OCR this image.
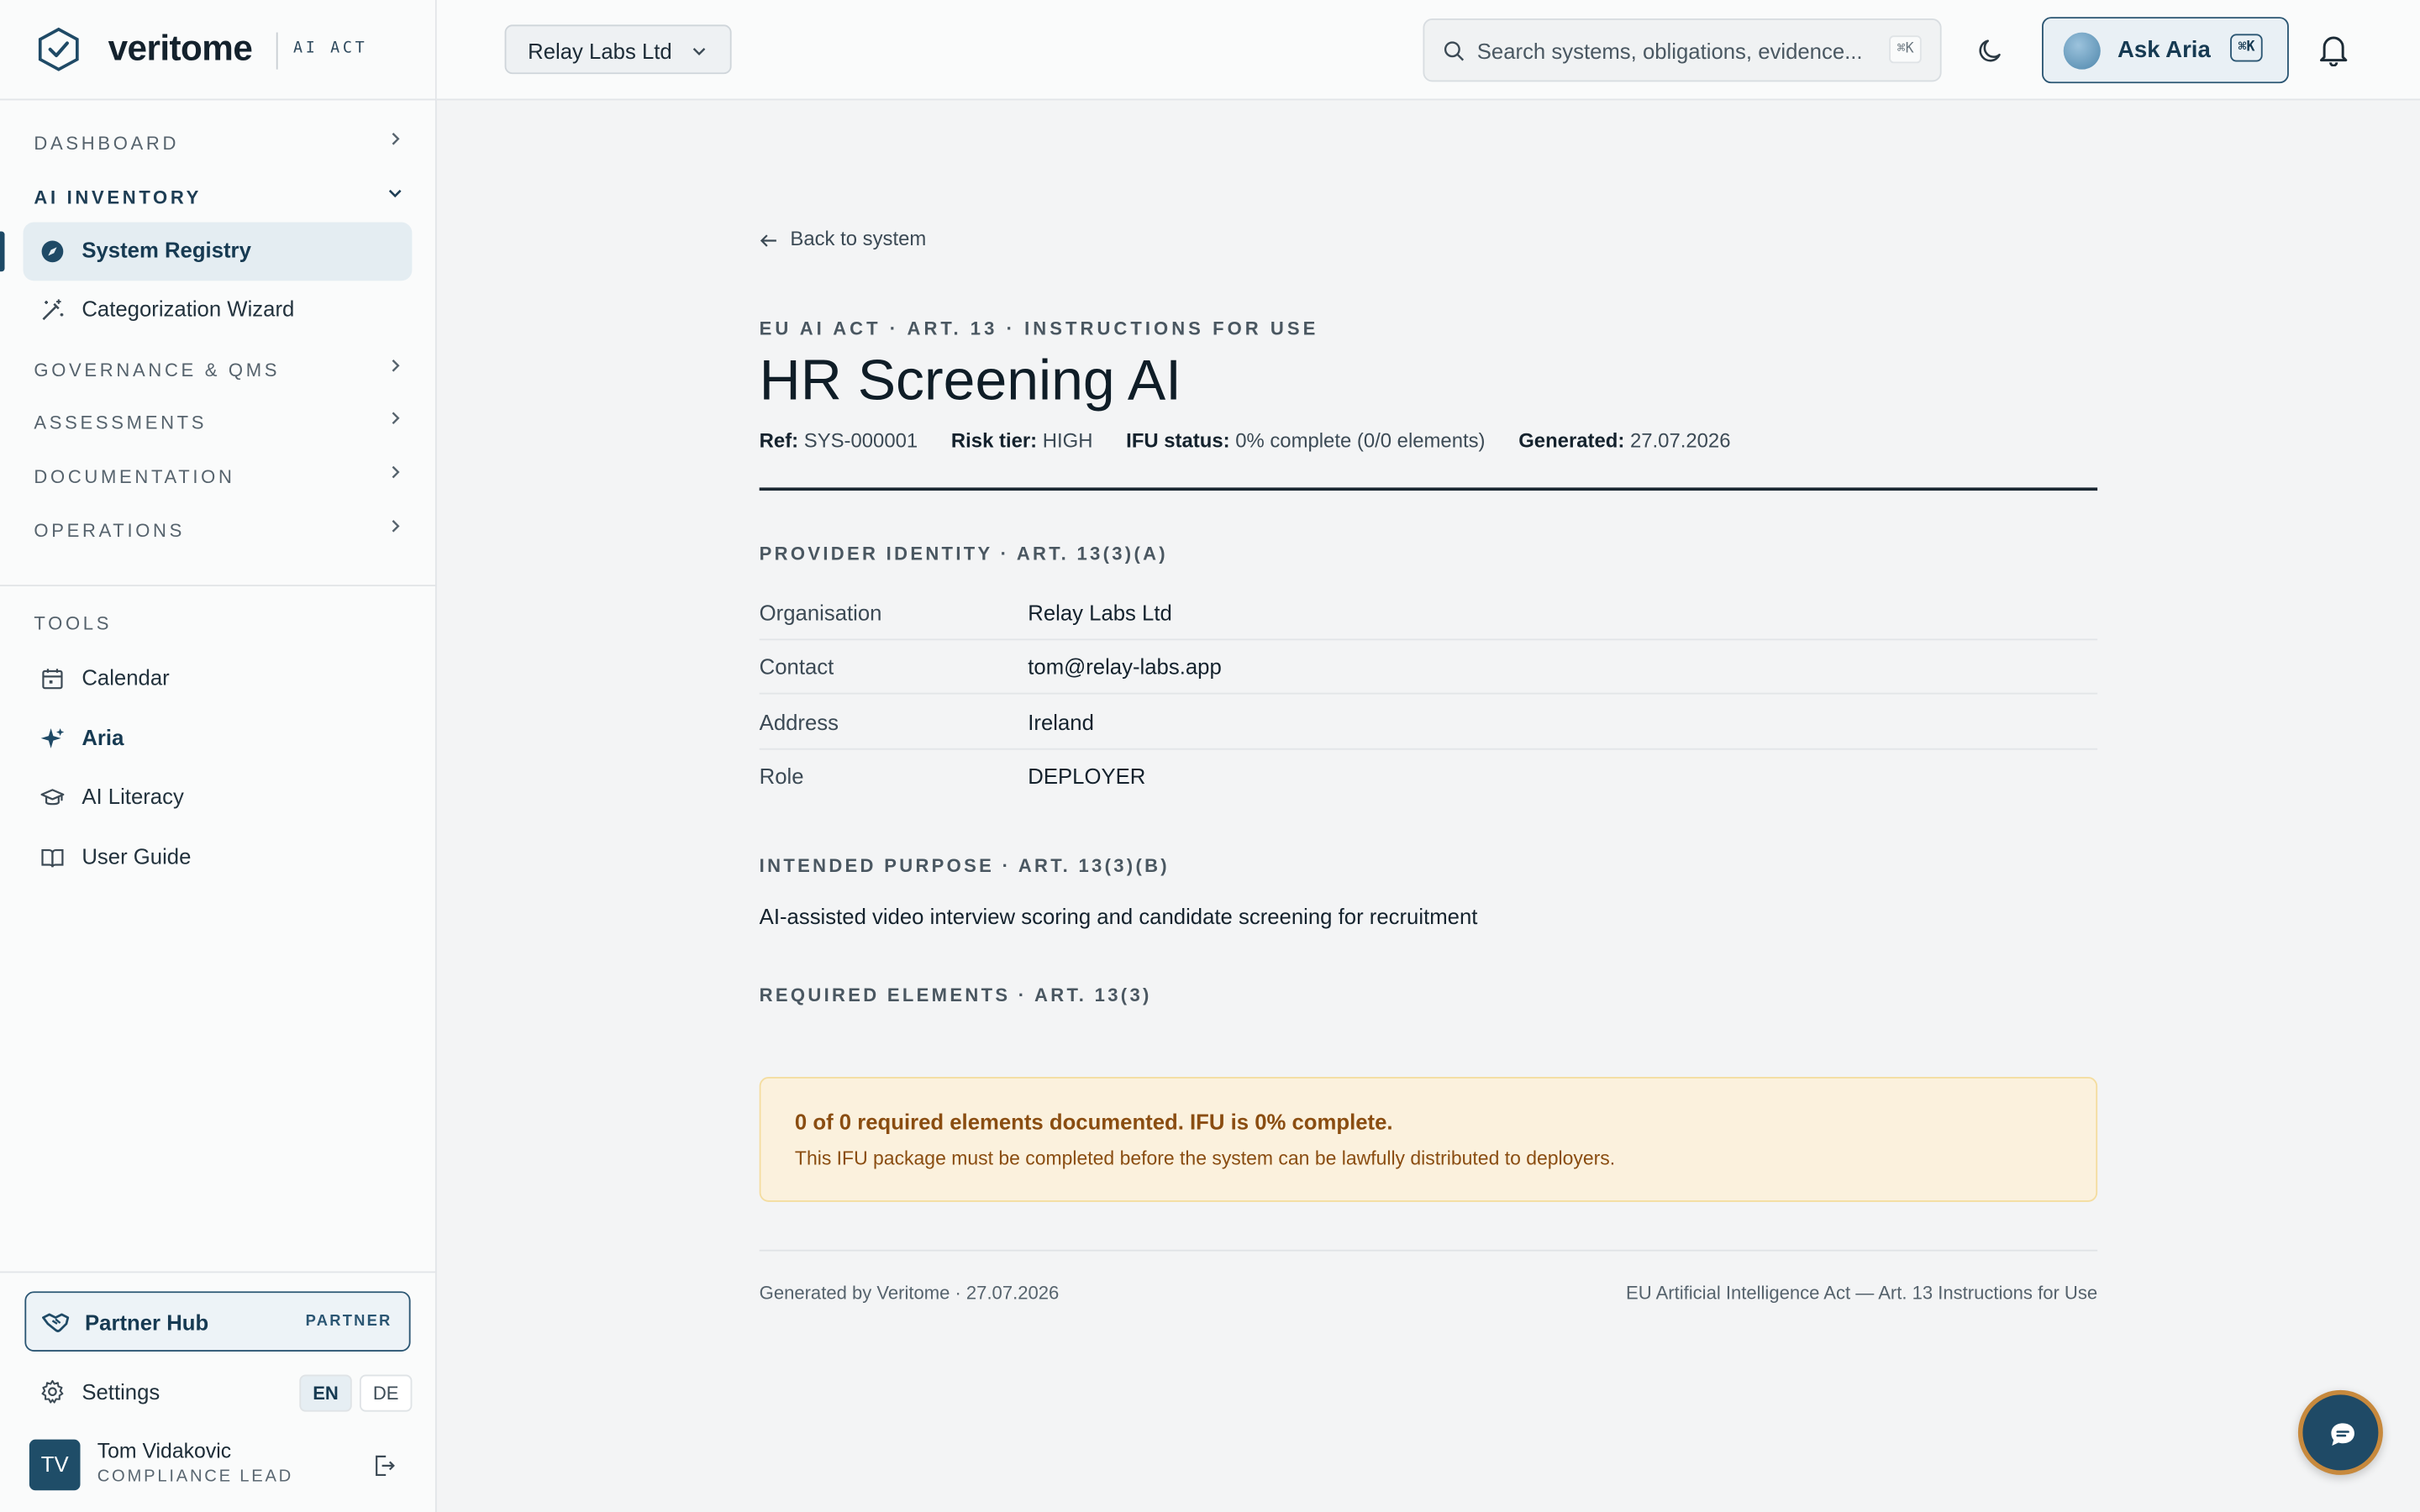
veritome	AI ACT
DASHBOARD
AI INVENTORY
System Registry
Categorization Wizard
GOVERNANCE & QMS
ASSESSMENTS
DOCUMENTATION
OPERATIONS
TOOLS
Calendar
Aria
AI Literacy
User Guide
Partner Hub	PARTNER
Settings	EN	DE
TV
Tom Vidakovic
COMPLIANCE LEAD
Relay Labs Ltd	Search systems, obligations, evidence...	⌘K	Ask Aria	⌘K
Back to system
EU AI ACT · ART. 13 · INSTRUCTIONS FOR USE
HR Screening AI
Ref: SYS-000001	Risk tier: HIGH	IFU status: 0% complete (0/0 elements)	Generated: 27.07.2026
PROVIDER IDENTITY · ART. 13(3)(A)
Organisation	Relay Labs Ltd
Contact	tom@relay-labs.app
Address	Ireland
Role	DEPLOYER
INTENDED PURPOSE · ART. 13(3)(B)
AI-assisted video interview scoring and candidate screening for recruitment
REQUIRED ELEMENTS · ART. 13(3)
0 of 0 required elements documented. IFU is 0% complete.
This IFU package must be completed before the system can be lawfully distributed to deployers.
Generated by Veritome · 27.07.2026	EU Artificial Intelligence Act — Art. 13 Instructions for Use
